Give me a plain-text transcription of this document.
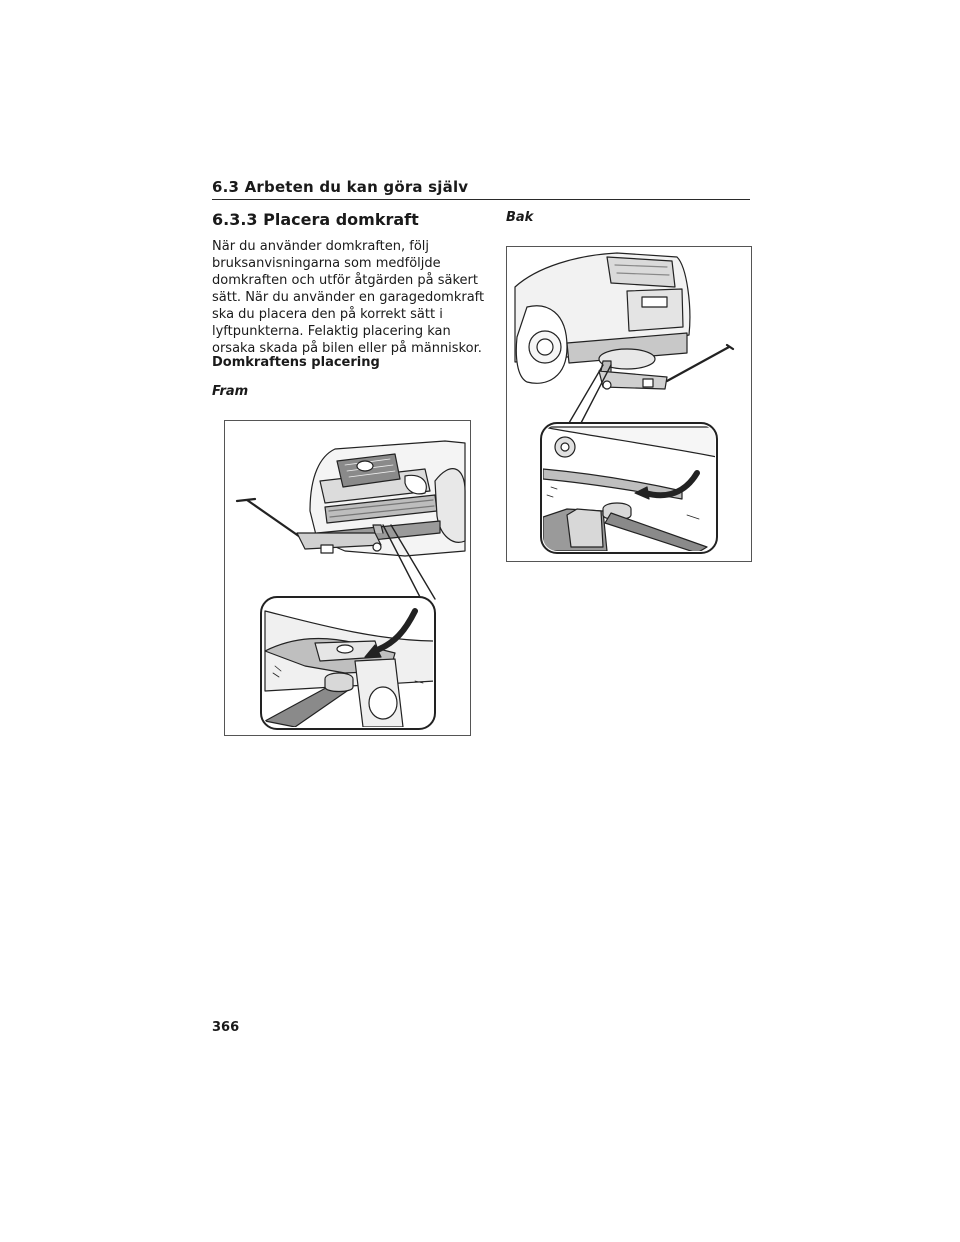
6.3 Arbeten du kan göra själv
6.3.3 Placera domkraft
När du använder domkraften, följ
bruksanvisningarna som medföljde
domkraften och utför åtgärden på säkert
sätt. När du använder en garagedomkraft
ska du placera den på korrekt sätt i
lyftpunkterna. Felaktig placering kan
orsaka skada på bilen eller på människor.
Domkraftens placering
Fram
Bak
366
